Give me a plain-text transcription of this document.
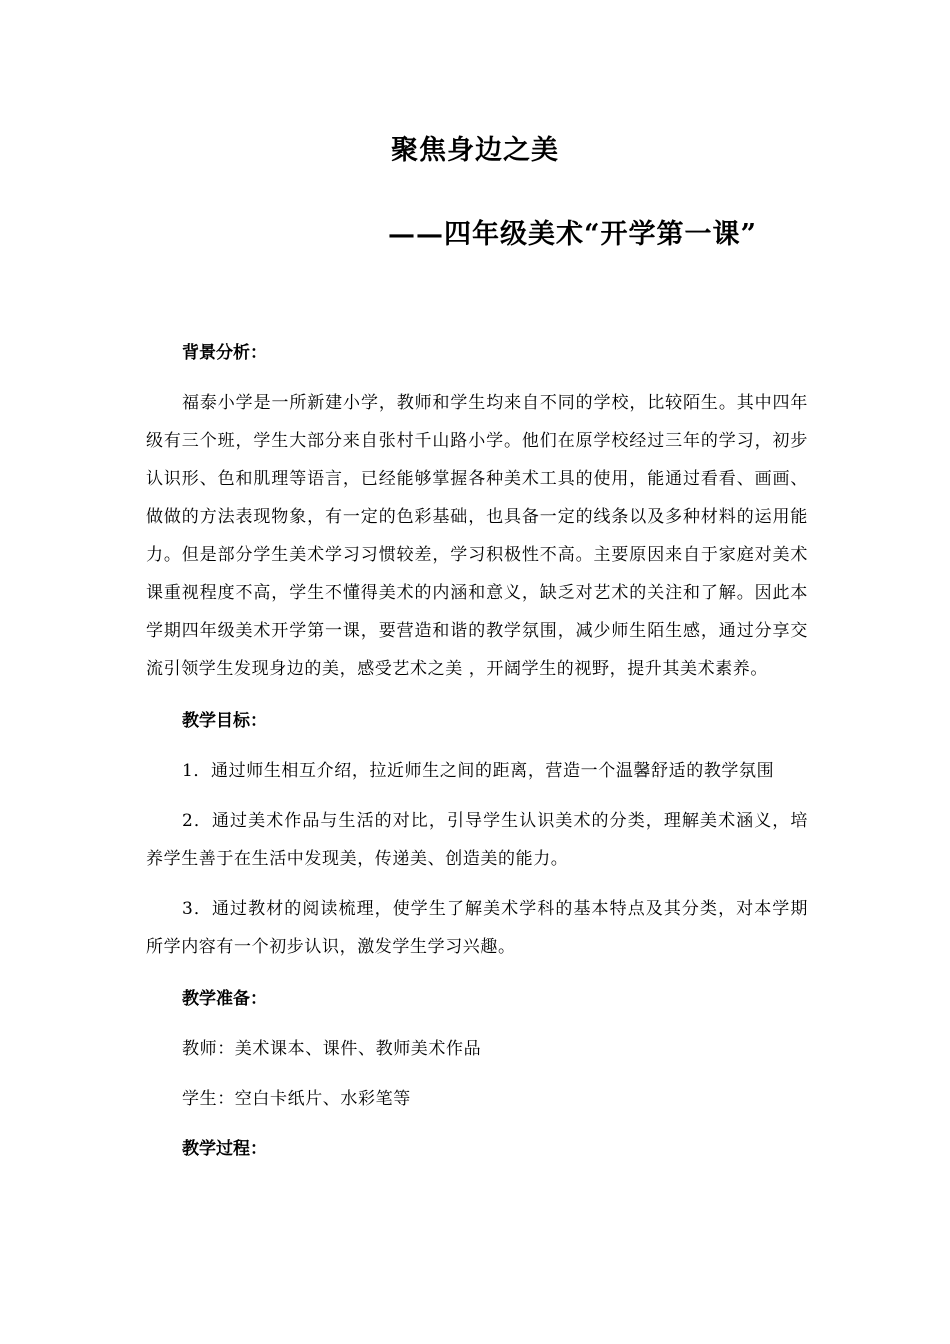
聚焦身边之美
——四年级美术“开学第一课”

背景分析：

福泰小学是一所新建小学，教师和学生均来自不同的学校，比较陌生。其中四年级有三个班，学生大部分来自张村千山路小学。他们在原学校经过三年的学习，初步认识形、色和肌理等语言，已经能够掌握各种美术工具的使用，能通过看看、画画、做做的方法表现物象，有一定的色彩基础，也具备一定的线条以及多种材料的运用能力。但是部分学生美术学习习惯较差，学习积极性不高。主要原因来自于家庭对美术课重视程度不高，学生不懂得美术的内涵和意义，缺乏对艺术的关注和了解。因此本学期四年级美术开学第一课，要营造和谐的教学氛围，减少师生陌生感，通过分享交流引领学生发现身边的美，感受艺术之美 ，开阔学生的视野，提升其美术素养。

教学目标：

1．通过师生相互介绍，拉近师生之间的距离，营造一个温馨舒适的教学氛围

2．通过美术作品与生活的对比，引导学生认识美术的分类，理解美术涵义，培养学生善于在生活中发现美，传递美、创造美的能力。

3．通过教材的阅读梳理，使学生了解美术学科的基本特点及其分类，对本学期所学内容有一个初步认识，激发学生学习兴趣。

教学准备：

教师：美术课本、课件、教师美术作品

学生：空白卡纸片、水彩笔等

教学过程：
